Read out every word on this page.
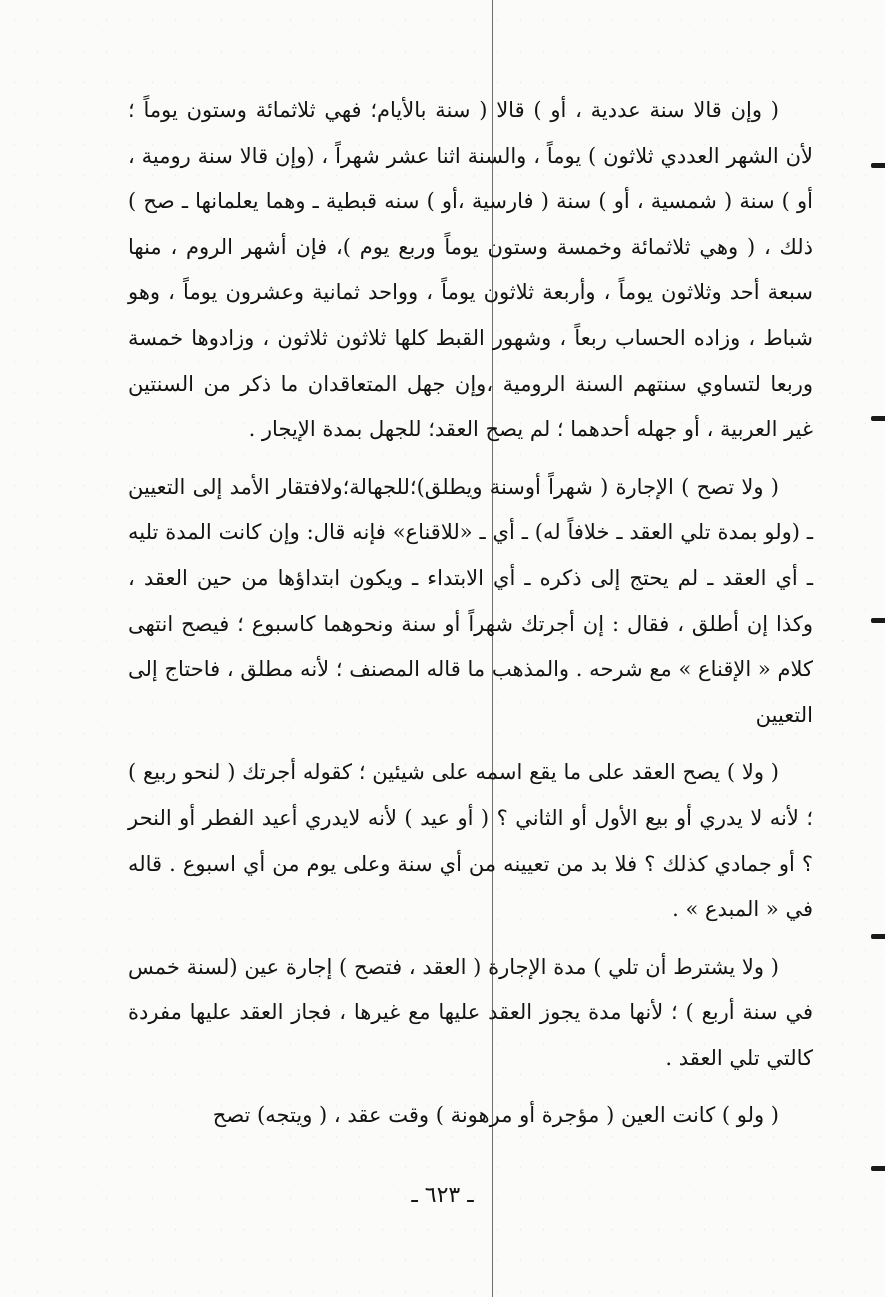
( وإن قالا سنة عددية ، أو ) قالا ( سنة بالأيام؛ فهي ثلاثمائة وستون يوماً ؛ لأن الشهر العددي ثلاثون ) يوماً ، والسنة اثنا عشر شهراً ، (وإن قالا سنة رومية ، أو ) سنة ( شمسية ، أو ) سنة ( فارسية ،أو ) سنه قبطية ـ وهما يعلمانها ـ صح ) ذلك ، ( وهي ثلاثمائة وخمسة وستون يوماً وربع يوم )، فإن أشهر الروم ، منها سبعة أحد وثلاثون يوماً ، وأربعة ثلاثون يوماً ، وواحد ثمانية وعشرون يوماً ، وهو شباط ، وزاده الحساب ربعاً ، وشهور القبط كلها ثلاثون ثلاثون ، وزادوها خمسة وربعا لتساوي سنتهم السنة الرومية ،وإن جهل المتعاقدان ما ذكر من السنتين غير العربية ، أو جهله أحدهما ؛ لم يصح العقد؛ للجهل بمدة الإيجار .

( ولا تصح ) الإجارة ( شهراً أوسنة ويطلق)؛للجهالة؛ولافتقار الأمد إلى التعيين ـ (ولو بمدة تلي العقد ـ خلافاً له) ـ أي ـ «للاقناع» فإنه قال: وإن كانت المدة تليه ـ أي العقد ـ لم يحتج إلى ذكره ـ أي الابتداء ـ ويكون ابتداؤها من حين العقد ، وكذا إن أطلق ، فقال : إن أجرتك شهراً أو سنة ونحوهما كاسبوع ؛ فيصح انتهى كلام « الإقناع » مع شرحه . والمذهب ما قاله المصنف ؛ لأنه مطلق ، فاحتاج إلى التعيين

( ولا ) يصح العقد على ما يقع اسمه على شيئين ؛ كقوله أجرتك ( لنحو ربيع ) ؛ لأنه لا يدري أو بيع الأول أو الثاني ؟ ( أو عيد ) لأنه لايدري أعيد الفطر أو النحر ؟ أو جمادي كذلك ؟ فلا بد من تعيينه من أي سنة وعلى يوم من أي اسبوع . قاله في « المبدع » .

( ولا يشترط أن تلي ) مدة الإجارة ( العقد ، فتصح ) إجارة عين (لسنة خمس في سنة أربع ) ؛ لأنها مدة يجوز العقد عليها مع غيرها ، فجاز العقد عليها مفردة كالتي تلي العقد .

( ولو ) كانت العين ( مؤجرة أو مرهونة ) وقت عقد ، ( ويتجه) تصح

ـ ٦٢٣ ـ
